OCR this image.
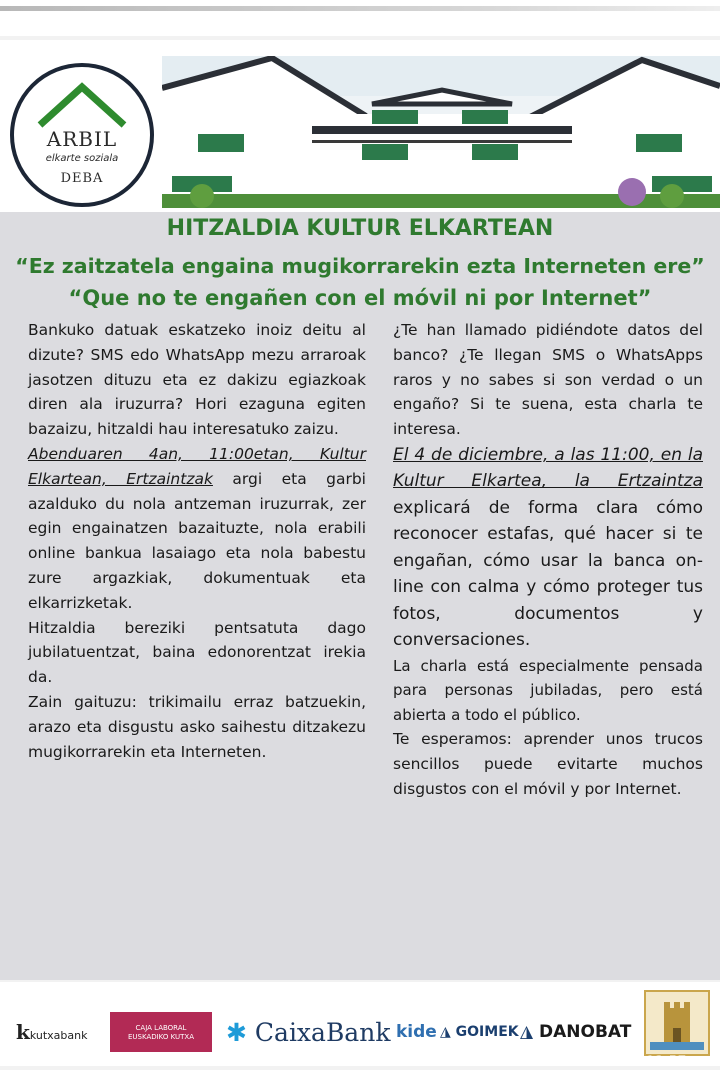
ARBIL
elkarte soziala
DEBA
HITZALDIA KULTUR ELKARTEAN
“Ez zaitzatela engaina mugikorrarekin ezta Interneten ere”
“Que no te engañen con el móvil ni por Internet”

Bankuko datuak eskatzeko inoiz deitu al dizute? SMS edo WhatsApp mezu arraroak jasotzen dituzu eta ez dakizu egiazkoak diren ala iruzurra? Hori ezaguna egiten bazaizu, hitzaldi hau interesatuko zaizu.

Abenduaren 4an, 11:00etan, Kultur Elkartean, Ertzaintzak argi eta garbi azalduko du nola antzeman iruzurrak, zer egin engainatzen bazaituzte, nola erabili online bankua lasaiago eta nola babestu zure argazkiak, dokumentuak eta elkarrizketak.

Hitzaldia bereziki pentsatuta dago jubilatuentzat, baina edonorentzat irekia da.

Zain gaituzu: trikimailu erraz batzuekin, arazo eta disgustu asko saihestu ditzakezu mugikorrarekin eta Interneten.

¿Te han llamado pidiéndote datos del banco? ¿Te llegan SMS o WhatsApps raros y no sabes si son verdad o un engaño? Si te suena, esta charla te interesa.

El 4 de diciembre, a las 11:00, en la Kultur Elkartea, la Ertzaintza explicará de forma clara cómo reconocer estafas, qué hacer si te engañan, cómo usar la banca on-line con calma y cómo proteger tus fotos, documentos y conversaciones.

La charla está especialmente pensada para personas jubiladas, pero está abierta a todo el público.

Te esperamos: aprender unos trucos sencillos puede evitarte muchos disgustos con el móvil y por Internet.

kkutxabank
CAJA LABORAL
EUSKADIKO KUTXA	✱ CaixaBank kide ◮ GOIMEK ◮ DANOBAT
13:57
